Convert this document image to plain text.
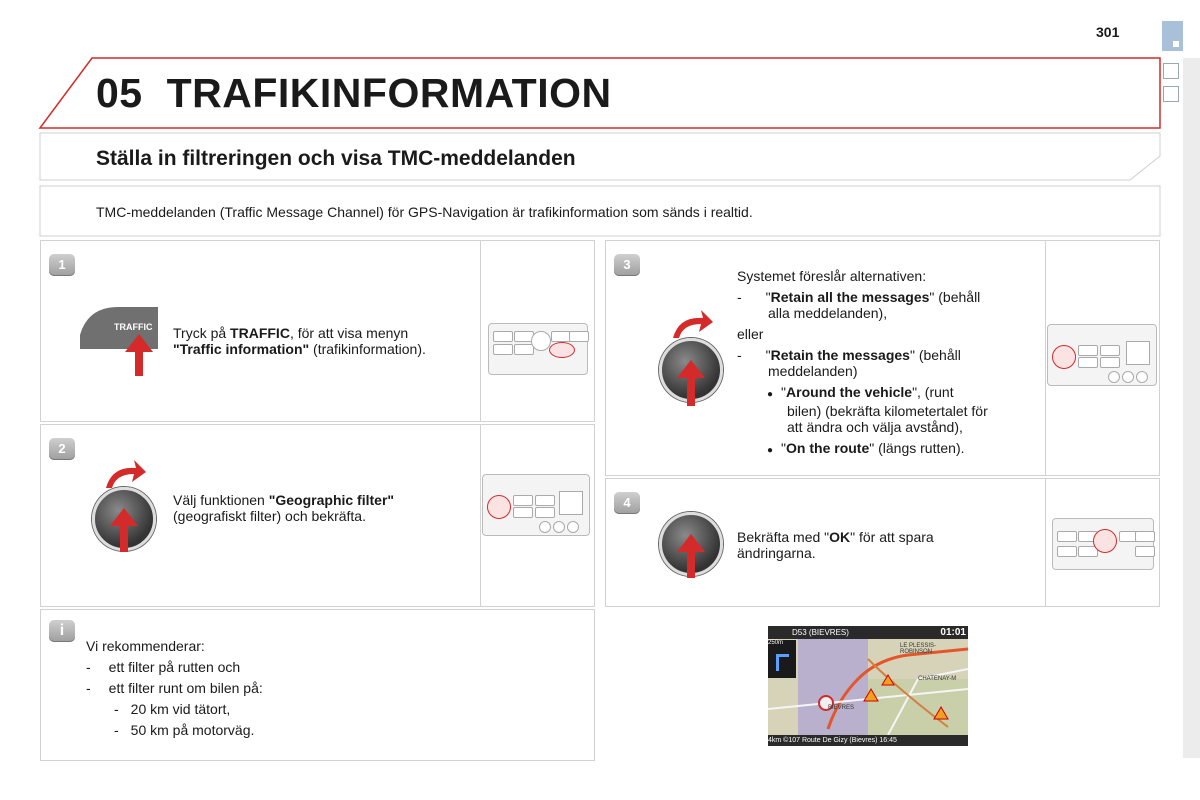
301
05 TRAFIKINFORMATION
Ställa in filtreringen och visa TMC-meddelanden
TMC-meddelanden (Traffic Message Channel) för GPS-Navigation är trafikinformation som sänds i realtid.
1
TRAFFIC Tryck på TRAFFIC, för att visa menyn
"Traffic information" (trafikinformation).
2
Välj funktionen "Geographic filter"
(geografiskt filter) och bekräfta.
i
Vi rekommenderar:
- ett filter på rutten och
- ett filter runt om bilen på:
- 20 km vid tätort,
- 50 km på motorväg.
3
Systemet föreslår alternativen:
- "Retain all the messages" (behåll
alla meddelanden),
eller
- "Retain the messages" (behåll
meddelanden)
● "Around the vehicle", (runt
bilen) (bekräfta kilometertalet för
att ändra och välja avstånd),
● "On the route" (längs rutten).
4
Bekräfta med "OK" för att spara
ändringarna.
D53 (BIEVRES)	01:01
250m	LE PLESSIS-ROBINSON
CHATENAY-M
BIEVRES
4km ©107 Route De Gizy (Bievres) 16:45
